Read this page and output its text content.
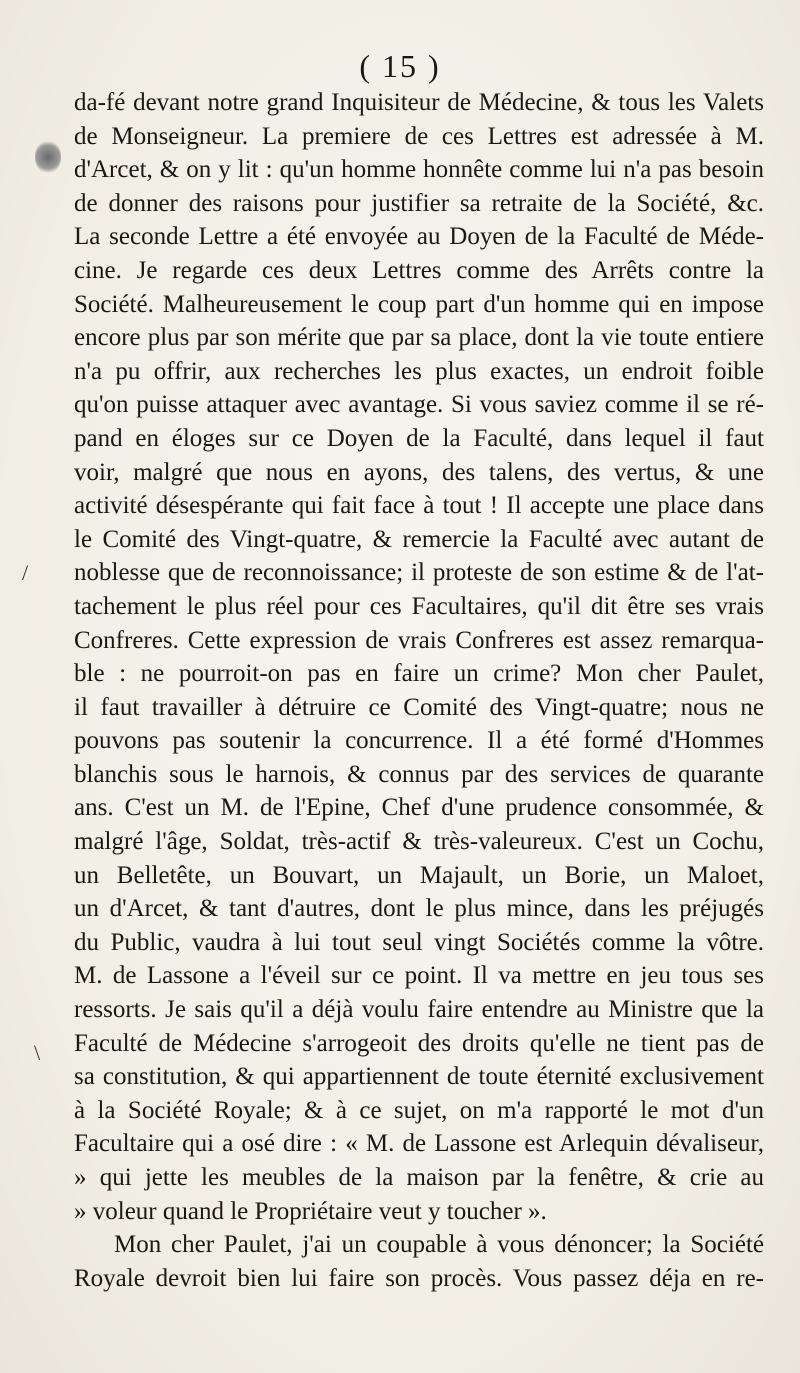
/
\
( 15 )
da-fé devant notre grand Inquisiteur de Médecine, & tous les Valets
de Monseigneur. La premiere de ces Lettres est adressée à M.
d'Arcet, & on y lit : qu'un homme honnête comme lui n'a pas besoin
de donner des raisons pour justifier sa retraite de la Société, &c.
La seconde Lettre a été envoyée au Doyen de la Faculté de Méde-
cine. Je regarde ces deux Lettres comme des Arrêts contre la
Société. Malheureusement le coup part d'un homme qui en impose
encore plus par son mérite que par sa place, dont la vie toute entiere
n'a pu offrir, aux recherches les plus exactes, un endroit foible
qu'on puisse attaquer avec avantage. Si vous saviez comme il se ré-
pand en éloges sur ce Doyen de la Faculté, dans lequel il faut
voir, malgré que nous en ayons, des talens, des vertus, & une
activité désespérante qui fait face à tout ! Il accepte une place dans
le Comité des Vingt-quatre, & remercie la Faculté avec autant de
noblesse que de reconnoissance; il proteste de son estime & de l'at-
tachement le plus réel pour ces Facultaires, qu'il dit être ses vrais
Confreres. Cette expression de vrais Confreres est assez remarqua-
ble : ne pourroit-on pas en faire un crime? Mon cher Paulet,
il faut travailler à détruire ce Comité des Vingt-quatre; nous ne
pouvons pas soutenir la concurrence. Il a été formé d'Hommes
blanchis sous le harnois, & connus par des services de quarante
ans. C'est un M. de l'Epine, Chef d'une prudence consommée, &
malgré l'âge, Soldat, très-actif & très-valeureux. C'est un Cochu,
un Belletête, un Bouvart, un Majault, un Borie, un Maloet,
un d'Arcet, & tant d'autres, dont le plus mince, dans les préjugés
du Public, vaudra à lui tout seul vingt Sociétés comme la vôtre.
M. de Lassone a l'éveil sur ce point. Il va mettre en jeu tous ses
ressorts. Je sais qu'il a déjà voulu faire entendre au Ministre que la
Faculté de Médecine s'arrogeoit des droits qu'elle ne tient pas de
sa constitution, & qui appartiennent de toute éternité exclusivement
à la Société Royale; & à ce sujet, on m'a rapporté le mot d'un
Facultaire qui a osé dire : « M. de Lassone est Arlequin dévaliseur,
» qui jette les meubles de la maison par la fenêtre, & crie au
» voleur quand le Propriétaire veut y toucher ».
Mon cher Paulet, j'ai un coupable à vous dénoncer; la Société
Royale devroit bien lui faire son procès. Vous passez déja en re-
